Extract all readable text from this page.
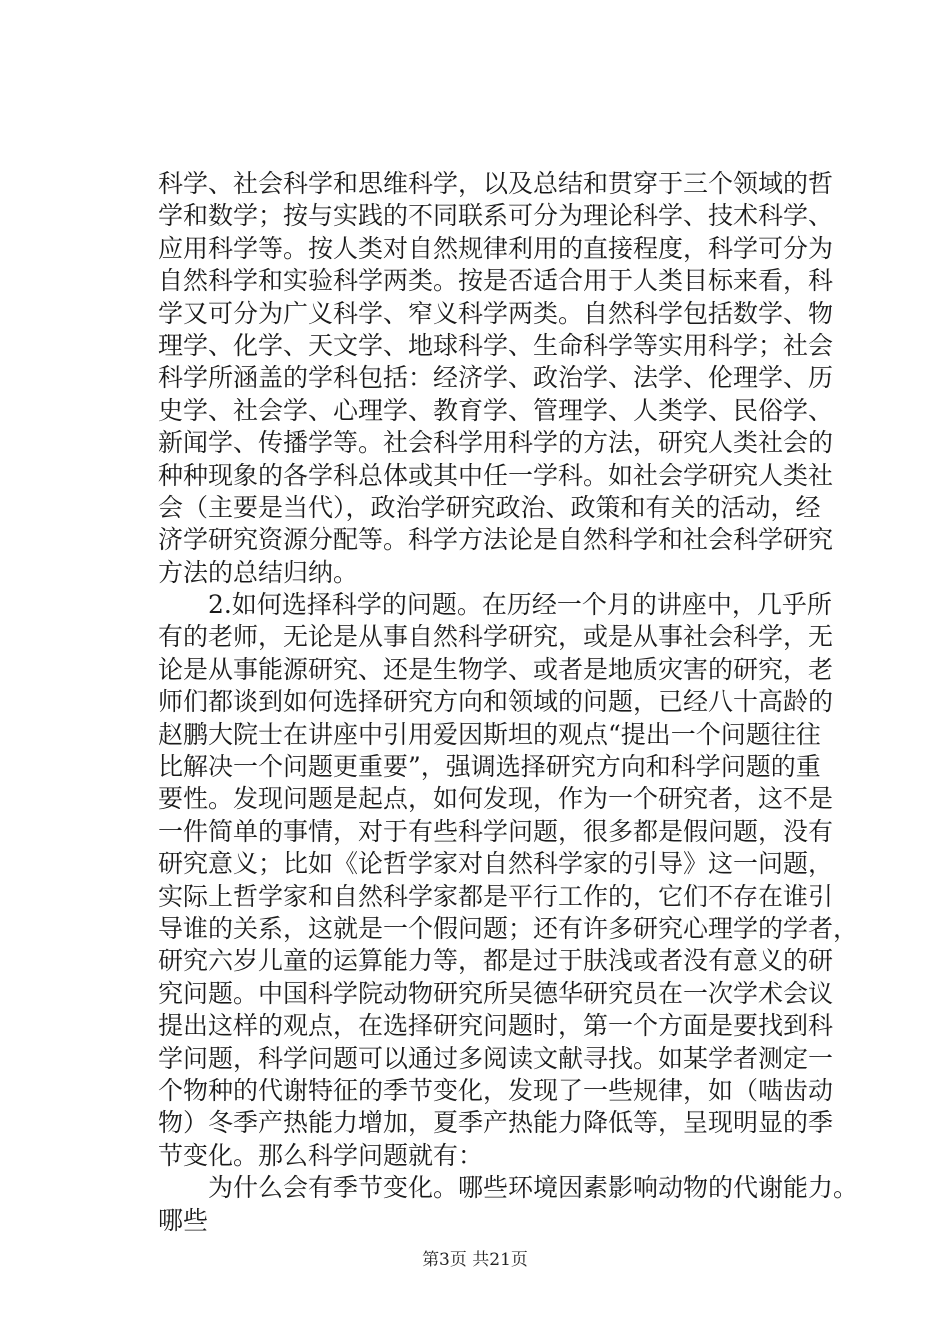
科学、社会科学和思维科学，以及总结和贯穿于三个领域的哲
学和数学；按与实践的不同联系可分为理论科学、技术科学、
应用科学等。按人类对自然规律利用的直接程度，科学可分为
自然科学和实验科学两类。按是否适合用于人类目标来看，科
学又可分为广义科学、窄义科学两类。自然科学包括数学、物
理学、化学、天文学、地球科学、生命科学等实用科学；社会
科学所涵盖的学科包括：经济学、政治学、法学、伦理学、历
史学、社会学、心理学、教育学、管理学、人类学、民俗学、
新闻学、传播学等。社会科学用科学的方法，研究人类社会的
种种现象的各学科总体或其中任一学科。如社会学研究人类社
会（主要是当代），政治学研究政治、政策和有关的活动，经
济学研究资源分配等。科学方法论是自然科学和社会科学研究
方法的总结归纳。
　　2.如何选择科学的问题。在历经一个月的讲座中，几乎所
有的老师，无论是从事自然科学研究，或是从事社会科学，无
论是从事能源研究、还是生物学、或者是地质灾害的研究，老
师们都谈到如何选择研究方向和领域的问题，已经八十高龄的
赵鹏大院士在讲座中引用爱因斯坦的观点“提出一个问题往往
比解决一个问题更重要”，强调选择研究方向和科学问题的重
要性。发现问题是起点，如何发现，作为一个研究者，这不是
一件简单的事情，对于有些科学问题，很多都是假问题，没有
研究意义；比如《论哲学家对自然科学家的引导》这一问题，
实际上哲学家和自然科学家都是平行工作的，它们不存在谁引
导谁的关系，这就是一个假问题；还有许多研究心理学的学者，
研究六岁儿童的运算能力等，都是过于肤浅或者没有意义的研
究问题。中国科学院动物研究所吴德华研究员在一次学术会议
提出这样的观点，在选择研究问题时，第一个方面是要找到科
学问题，科学问题可以通过多阅读文献寻找。如某学者测定一
个物种的代谢特征的季节变化，发现了一些规律，如（啮齿动
物）冬季产热能力增加，夏季产热能力降低等，呈现明显的季
节变化。那么科学问题就有：
　　为什么会有季节变化。哪些环境因素影响动物的代谢能力。
哪些
第3页 共21页
